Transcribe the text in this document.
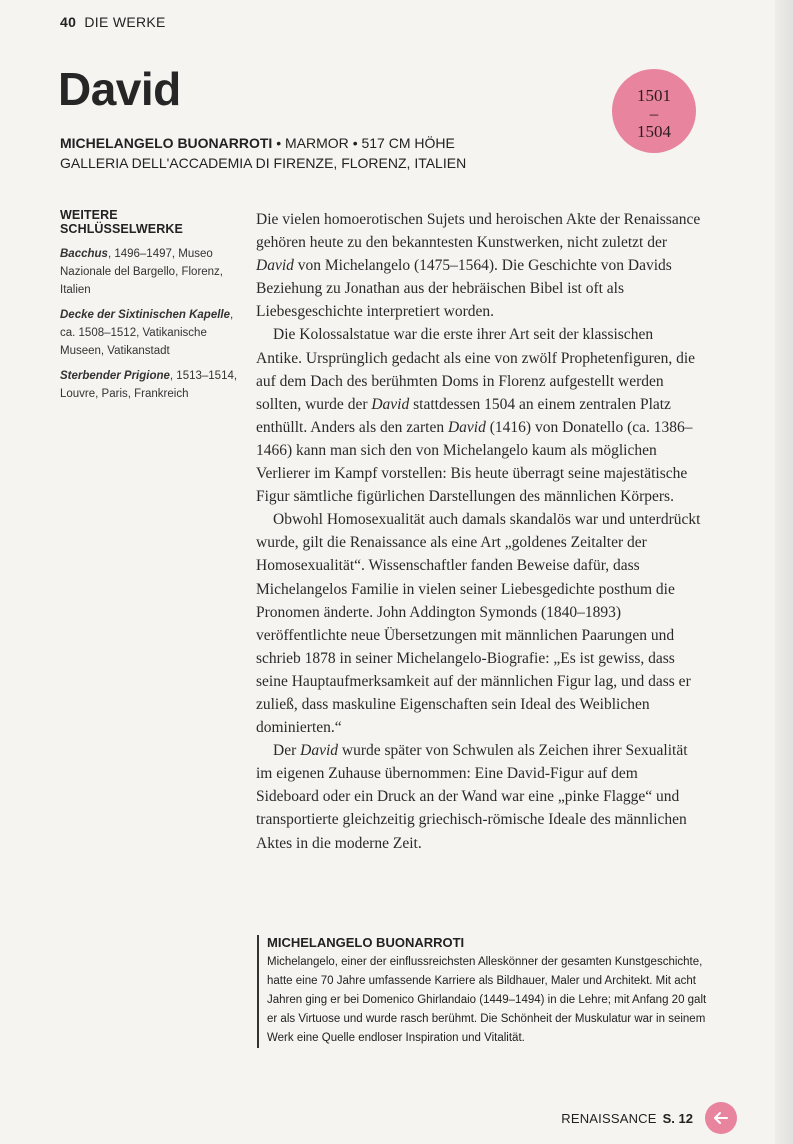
40 DIE WERKE
David
MICHELANGELO BUONARROTI • MARMOR • 517 CM HÖHE
GALLERIA DELL'ACCADEMIA DI FIRENZE, FLORENZ, ITALIEN
1501
–
1504
WEITERE SCHLÜSSELWERKE
Bacchus, 1496–1497, Museo Nazionale del Bargello, Florenz, Italien
Decke der Sixtinischen Kapelle, ca. 1508–1512, Vatikanische Museen, Vatikanstadt
Sterbender Prigione, 1513–1514, Louvre, Paris, Frankreich

Die vielen homoerotischen Sujets und heroischen Akte der Renaissance gehören heute zu den bekanntesten Kunstwerken, nicht zuletzt der David von Michelangelo (1475–1564). Die Geschichte von Davids Beziehung zu Jonathan aus der hebräischen Bibel ist oft als Liebesgeschichte interpretiert worden.

Die Kolossalstatue war die erste ihrer Art seit der klassischen Antike. Ursprünglich gedacht als eine von zwölf Prophetenfiguren, die auf dem Dach des berühmten Doms in Florenz aufgestellt werden sollten, wurde der David stattdessen 1504 an einem zentralen Platz enthüllt. Anders als den zarten David (1416) von Donatello (ca. 1386–1466) kann man sich den von Michelangelo kaum als möglichen Verlierer im Kampf vorstellen: Bis heute überragt seine majestätische Figur sämtliche figürlichen Darstellungen des männlichen Körpers.

Obwohl Homosexualität auch damals skandalös war und unterdrückt wurde, gilt die Renaissance als eine Art „goldenes Zeitalter der Homosexualität“. Wissenschaftler fanden Beweise dafür, dass Michelangelos Familie in vielen seiner Liebesgedichte posthum die Pronomen änderte. John Addington Symonds (1840–1893) veröffentlichte neue Übersetzungen mit männlichen Paarungen und schrieb 1878 in seiner Michelangelo-Biografie: „Es ist gewiss, dass seine Hauptaufmerksamkeit auf der männlichen Figur lag, und dass er zuließ, dass maskuline Eigenschaften sein Ideal des Weiblichen dominierten.“

Der David wurde später von Schwulen als Zeichen ihrer Sexualität im eigenen Zuhause übernommen: Eine David-Figur auf dem Sideboard oder ein Druck an der Wand war eine „pinke Flagge“ und transportierte gleichzeitig griechisch-römische Ideale des männlichen Aktes in die moderne Zeit.

MICHELANGELO BUONARROTI
Michelangelo, einer der einflussreichsten Alleskönner der gesamten Kunstgeschichte, hatte eine 70 Jahre umfassende Karriere als Bildhauer, Maler und Architekt. Mit acht Jahren ging er bei Domenico Ghirlandaio (1449–1494) in die Lehre; mit Anfang 20 galt er als Virtuose und wurde rasch berühmt. Die Schönheit der Muskulatur war in seinem Werk eine Quelle endloser Inspiration und Vitalität.
RENAISSANCE S. 12
